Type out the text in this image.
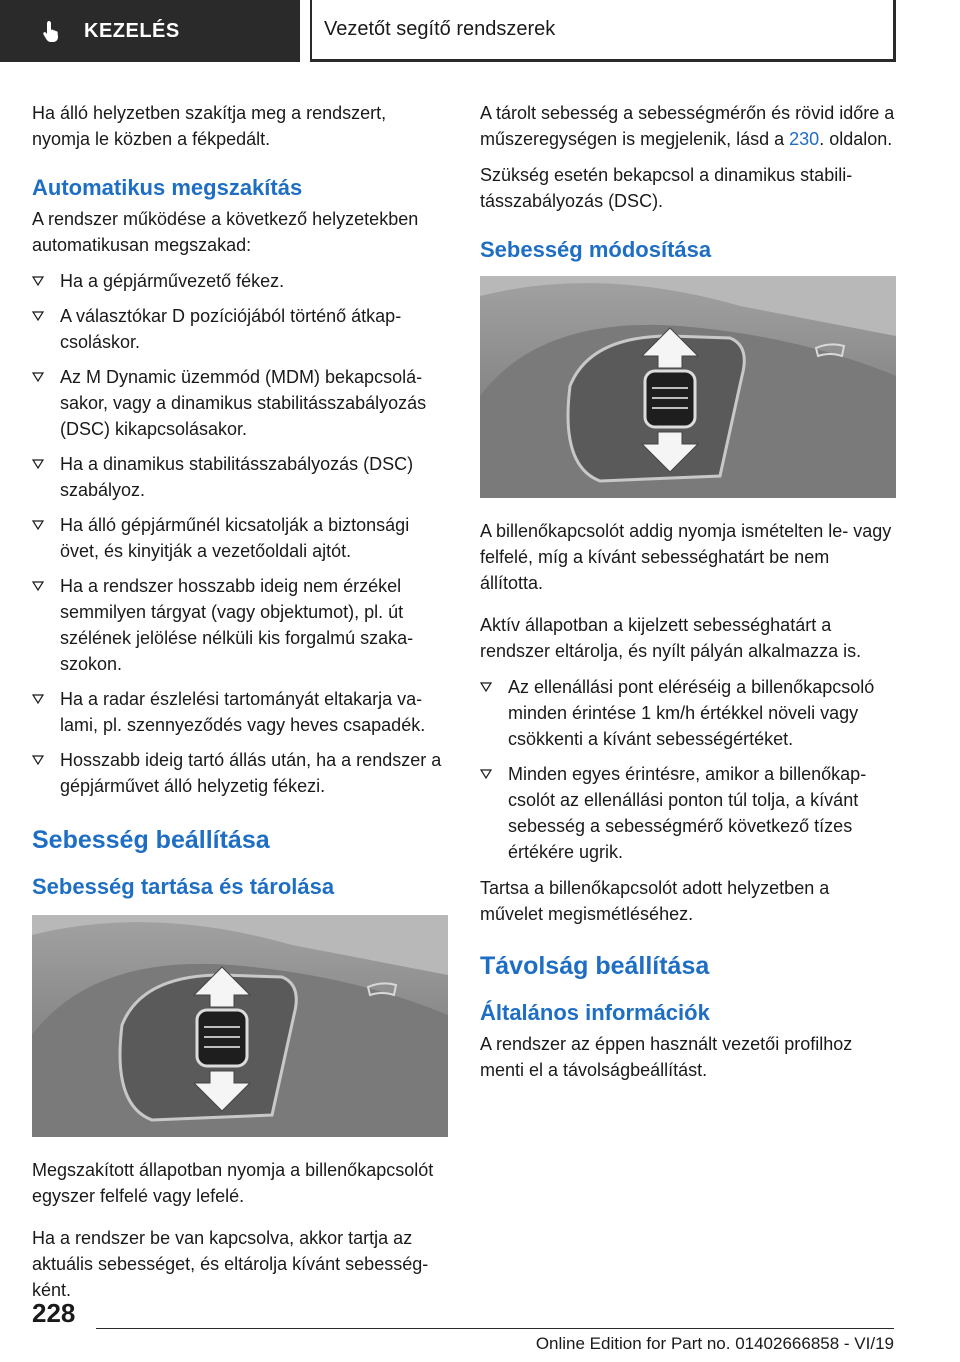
KEZELÉS	Vezetőt segítő rendszerek

Ha álló helyzetben szakítja meg a rendszert, nyomja le közben a fékpedált.

Automatikus megszakítás

A rendszer működése a következő helyzetekben automatikusan megszakad:

Ha a gépjárművezető fékez.
A választókar D pozíciójából történő átkapcsoláskor.
Az M Dynamic üzemmód (MDM) bekapcsolásakor, vagy a dinamikus stabilitásszabályozás (DSC) kikapcsolásakor.
Ha a dinamikus stabilitásszabályozás (DSC) szabályoz.
Ha álló gépjárműnél kicsatolják a biztonsági övet, és kinyitják a vezetőoldali ajtót.
Ha a rendszer hosszabb ideig nem érzékel semmilyen tárgyat (vagy objektumot), pl. út szélének jelölése nélküli kis forgalmú szakaszokon.
Ha a radar észlelési tartományát eltakarja valami, pl. szennyeződés vagy heves csapadék.
Hosszabb ideig tartó állás után, ha a rendszer a gépjárművet álló helyzetig fékezi.
Sebesség beállítása
Sebesség tartása és tárolása

Megszakított állapotban nyomja a billenőkapcsolót egyszer felfelé vagy lefelé.

Ha a rendszer be van kapcsolva, akkor tartja az aktuális sebességet, és eltárolja kívánt sebességként.

A tárolt sebesség a sebességmérőn és rövid időre a műszeregységen is megjelenik, lásd a 230. oldalon.

Szükség esetén bekapcsol a dinamikus stabilitásszabályozás (DSC).

Sebesség módosítása

A billenőkapcsolót addig nyomja ismételten le- vagy felfelé, míg a kívánt sebességhatárt be nem állította.

Aktív állapotban a kijelzett sebességhatárt a rendszer eltárolja, és nyílt pályán alkalmazza is.

Az ellenállási pont eléréséig a billenőkapcsoló minden érintése 1 km/h értékkel növeli vagy csökkenti a kívánt sebességértéket.
Minden egyes érintésre, amikor a billenőkapcsolót az ellenállási ponton túl tolja, a kívánt sebesség a sebességmérő következő tízes értékére ugrik.

Tartsa a billenőkapcsolót adott helyzetben a művelet megismétléséhez.

Távolság beállítása
Általános információk

A rendszer az éppen használt vezetői profilhoz menti el a távolságbeállítást.

228
Online Edition for Part no. 01402666858 - VI/19
